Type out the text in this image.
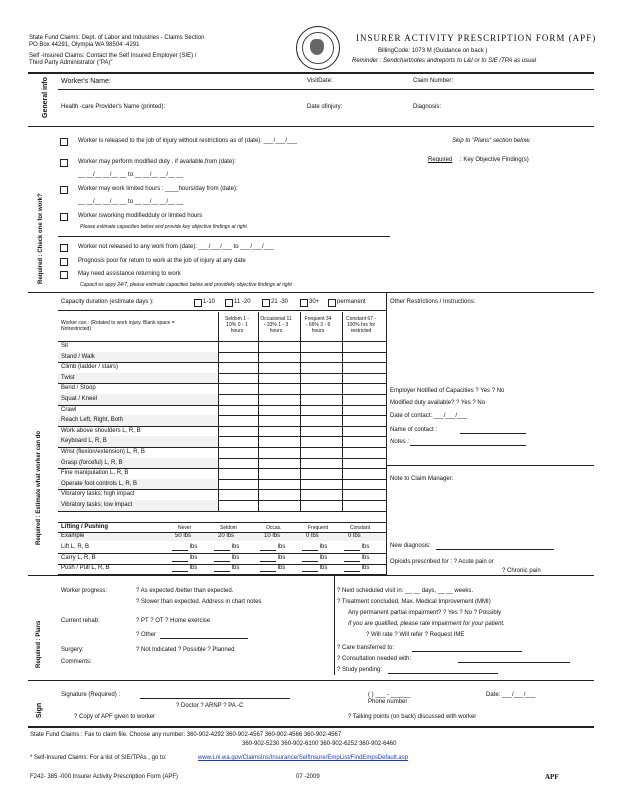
State Fund Claims: Dept. of Labor and Industries - Claims Section
PO Box 44291, Olympia WA 98504 -4291
Self -Insured Claims: Contact the Self Insured Employer (SIE) /
Third Party Administrator ("PA)"
INSURER ACTIVITY PRESCRIPTION FORM (APF)
BillingCode: 1073 M (Guidance on back )
Reminder : Sendchartnotes andreports to L&I or to SIE /TPA as usual
General info Worker's Name:	VisitDate:	Claim Number:
Health -care Provider's Name (printed):	Date ofinjury:	Diagnosis:
Required : Check one for work?
Worker is released to the job of injury without restrictions as of (date): ___/___/___	Skip to "Plans" section below.
Worker may perform modified duty , if available,from (date):	Required : Key Objective Finding(s)
__ __/__ __/__ __ to __ __/__ __/__ __
Worker may work limited hours : ____hours/day from (date):
__ __/__ __/__ __ to __ __/__ __/__ __
Worker isworking modifiedduty or limited hours
Please estimate capacities below and provide key objective findings at right.
Worker not released to any work from (date): ___/___/___ to ___/___/___
Prognosis poor for return to work at the job of injury at any date
May need assistance returning to work
Capacit es appy 24/7, please estimate capacities below and provideky objective findings at right
Required : Estimate what worker can do
Capacity duration (estimate days ):	1-10	11 -20	21 -30	30+	permanent
Worker can : (Rotated to work injury. Blank space = Notrestricted)
Seldom 1 - 10% 0 - 1 hours
Occasional 11 - 33% 1 - 3 hours
Frequent 34 - 66% 3 - 6 hours
Constant 67 - 100% hrs for restricted
Sit
Stand / Walk
Climb (ladder / stairs)
Twist
Bend / Stoop
Squat / Kneel
Crawl
Reach Left, Right, Both
Work above shoulders L, R, B
Keyboard L, R, B
Wrist (flexion/extension) L, R, B
Grasp (forceful) L, R, B
Fine manipulation L, R, B
Operate foot controls L, R, B
Vibratory tasks; high impact
Vibratory tasks; low impact
Lifting / Pushing	Never	Seldom	Occas.	Frequent	Constant
Example	50 lbs	20 lbs	10 lbs	0 lbs	0 lbs
Lift L, R, B	lbs	lbs	lbs	lbs	lbs
Carry L, R, B	lbs	lbs	lbs	lbs	lbs
Push / Pull L, R, B	lbs	lbs	lbs	lbs	lbs
Other Restrictions / Instructions:
Employer Notified of Capacities ? Yes ? No
Modified duty available? ? Yes ? No
Date of contact: ___/___/___
Name of contact :
Notes :
Note to Claim Manager:
New diagnosis:
Opioids prescribed for : ? Acute pain or
? Chronic pain
Required : Plans
Worker progress:	? As expected /better than expected.
? Slower than expected. Address in chart notes
Current rehab:	? PT ? OT ? Home exercise
? Other
Surgery:	? Not Indicated ? Possible ? Planned
Comments:
? Next scheduled visit in: __ __ days, __ __ weeks.
? Treatment concluded, Max. Medical Improvement (MMI)
Any permanent partial impairment? ? Yes ? No ? Possibly
If you are qualified, please rate impairment for your patient.
? Will rate ? Will refer ? Request IME
? Care transferred to:
? Consultation needed with:
? Study pending:
Sign
Signature (Required) :
? Doctor ? ARNP ? PA -C
( ) ___ - ______ Phone number
Date: ___/___/___
? Copy of APF given to worker	? Talking points (on back) discussed with worker
State Fund Claims : Fax to claim file. Choose any number: 360-902-4292 360-902-4567 360-902-4566 360-902-4567
360-902-5230 360-902-6100 360-902-6252 360-902-6460
* Self-Insured Claims: For a list of SIE/TPAs , go to:	www.Lni.wa.gov/ClaimsIns/Insurance/SelfInsure/EmpList/FindEmpsDefault.asp
F242- 385 -000 Insurer Activity Prescription Form (APF)	07 -2009	APF
